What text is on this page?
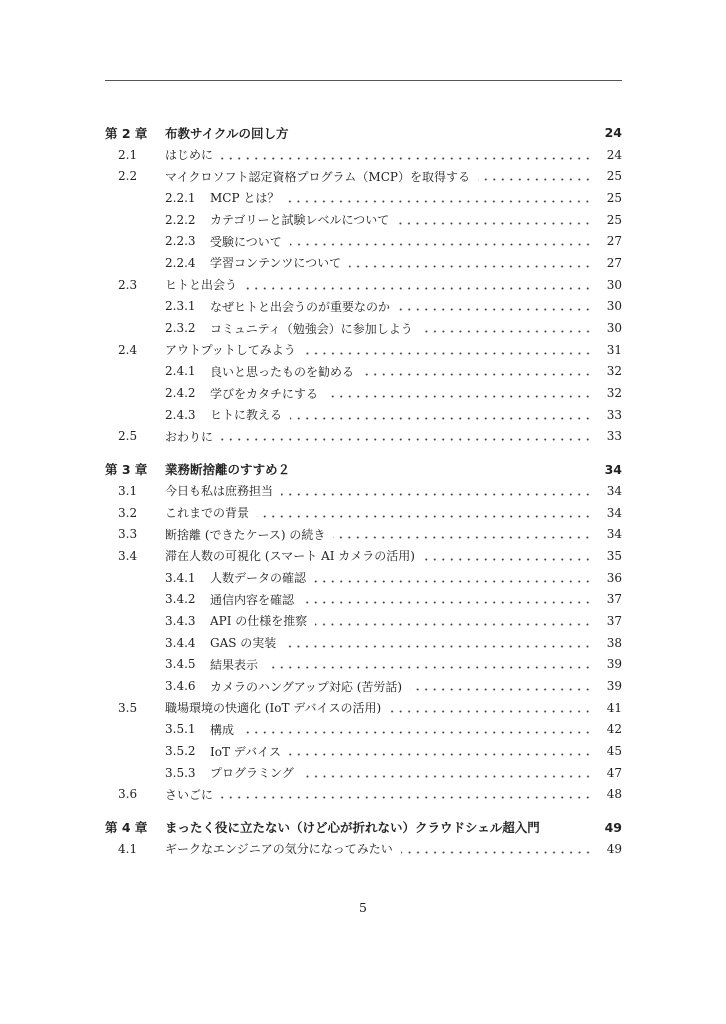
第 2 章	布教サイクルの回し方	24
2.1	はじめに	24
2.2	マイクロソフト認定資格プログラム（MCP）を取得する	25
2.2.1	MCP とは？	25
2.2.2	カテゴリーと試験レベルについて	25
2.2.3	受験について	27
2.2.4	学習コンテンツについて	27
2.3	ヒトと出会う	30
2.3.1	なぜヒトと出会うのが重要なのか	30
2.3.2	コミュニティ（勉強会）に参加しよう	30
2.4	アウトプットしてみよう	31
2.4.1	良いと思ったものを勧める	32
2.4.2	学びをカタチにする	32
2.4.3	ヒトに教える	33
2.5	おわりに	33
第 3 章	業務断捨離のすすめ２	34
3.1	今日も私は庶務担当	34
3.2	これまでの背景	34
3.3	断捨離 (できたケース) の続き	34
3.4	滞在人数の可視化 (スマート AI カメラの活用)	35
3.4.1	人数データの確認	36
3.4.2	通信内容を確認	37
3.4.3	API の仕様を推察	37
3.4.4	GAS の実装	38
3.4.5	結果表示	39
3.4.6	カメラのハングアップ対応 (苦労話)	39
3.5	職場環境の快適化 (IoT デバイスの活用)	41
3.5.1	構成	42
3.5.2	IoT デバイス	45
3.5.3	プログラミング	47
3.6	さいごに	48
第 4 章	まったく役に立たない（けど心が折れない）クラウドシェル超入門	49
4.1	ギークなエンジニアの気分になってみたい	49
5
